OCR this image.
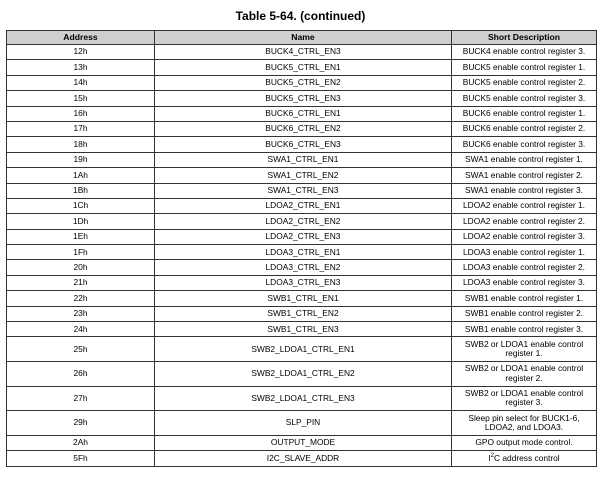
Table 5-64. (continued)
Address	Name	Short Description
12h	BUCK4_CTRL_EN3	BUCK4 enable control register 3.
13h	BUCK5_CTRL_EN1	BUCK5 enable control register 1.
14h	BUCK5_CTRL_EN2	BUCK5 enable control register 2.
15h	BUCK5_CTRL_EN3	BUCK5 enable control register 3.
16h	BUCK6_CTRL_EN1	BUCK6 enable control register 1.
17h	BUCK6_CTRL_EN2	BUCK6 enable control register 2.
18h	BUCK6_CTRL_EN3	BUCK6 enable control register 3.
19h	SWA1_CTRL_EN1	SWA1 enable control register 1.
1Ah	SWA1_CTRL_EN2	SWA1 enable control register 2.
1Bh	SWA1_CTRL_EN3	SWA1 enable control register 3.
1Ch	LDOA2_CTRL_EN1	LDOA2 enable control register 1.
1Dh	LDOA2_CTRL_EN2	LDOA2 enable control register 2.
1Eh	LDOA2_CTRL_EN3	LDOA2 enable control register 3.
1Fh	LDOA3_CTRL_EN1	LDOA3 enable control register 1.
20h	LDOA3_CTRL_EN2	LDOA3 enable control register 2.
21h	LDOA3_CTRL_EN3	LDOA3 enable control register 3.
22h	SWB1_CTRL_EN1	SWB1 enable control register 1.
23h	SWB1_CTRL_EN2	SWB1 enable control register 2.
24h	SWB1_CTRL_EN3	SWB1 enable control register 3.
25h	SWB2_LDOA1_CTRL_EN1	SWB2 or LDOA1 enable control register 1.
26h	SWB2_LDOA1_CTRL_EN2	SWB2 or LDOA1 enable control register 2.
27h	SWB2_LDOA1_CTRL_EN3	SWB2 or LDOA1 enable control register 3.
29h	SLP_PIN	Sleep pin select for BUCK1-6, LDOA2, and LDOA3.
2Ah	OUTPUT_MODE	GPO output mode control.
5Fh	I2C_SLAVE_ADDR	$I^2C$ address control
